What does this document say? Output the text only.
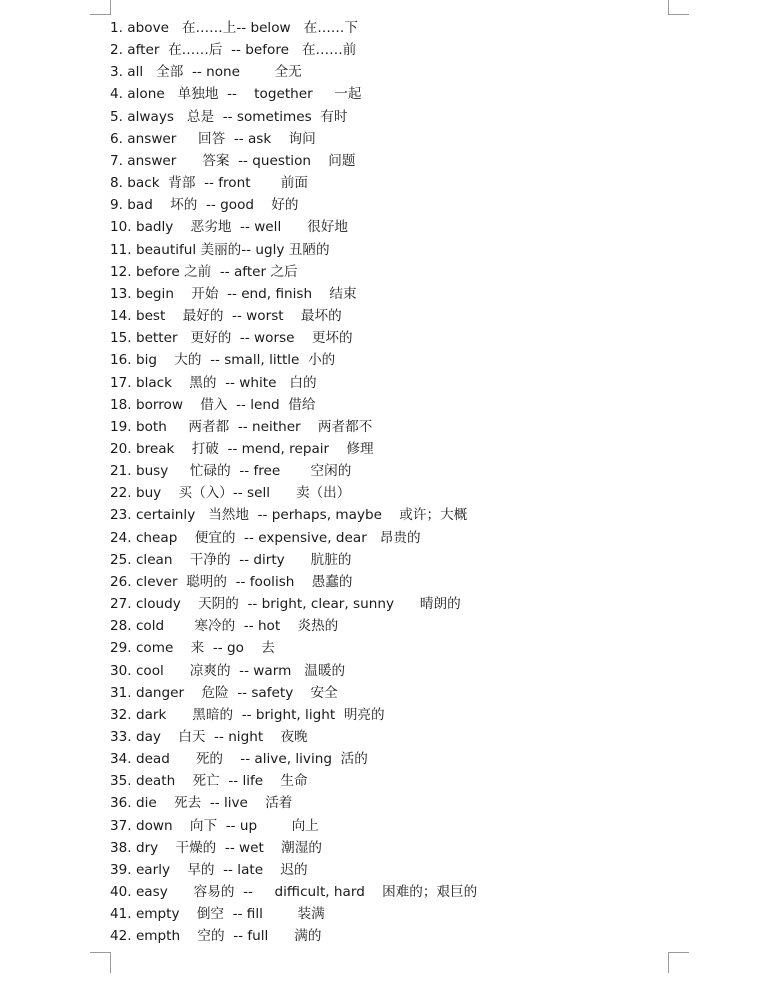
1. above   在……上-- below   在……下
2. after  在……后  -- before   在……前
3. all   全部  -- none        全无
4. alone   单独地  --    together     一起
5. always   总是  -- sometimes  有时
6. answer     回答  -- ask    询问
7. answer      答案  -- question    问题
8. back  背部  -- front       前面
9. bad    坏的  -- good    好的
10. badly    恶劣地  -- well      很好地
11. beautiful 美丽的-- ugly 丑陋的
12. before 之前  -- after 之后
13. begin    开始  -- end, finish    结束
14. best    最好的  -- worst    最坏的
15. better   更好的  -- worse    更坏的
16. big    大的  -- small, little  小的
17. black    黑的  -- white   白的
18. borrow    借入  -- lend  借给
19. both     两者都  -- neither    两者都不
20. break    打破  -- mend, repair    修理
21. busy     忙碌的  -- free       空闲的
22. buy    买（入）-- sell      卖（出）
23. certainly   当然地  -- perhaps, maybe    或许；大概
24. cheap    便宜的  -- expensive, dear   昂贵的
25. clean    干净的  -- dirty      肮脏的
26. clever  聪明的  -- foolish    愚蠢的
27. cloudy    天阴的  -- bright, clear, sunny      晴朗的
28. cold       寒冷的  -- hot    炎热的
29. come    来  -- go    去
30. cool      凉爽的  -- warm   温暖的
31. danger    危险  -- safety    安全
32. dark      黑暗的  -- bright, light  明亮的
33. day    白天  -- night    夜晚
34. dead      死的    -- alive, living  活的
35. death    死亡  -- life    生命
36. die    死去  -- live    活着
37. down    向下  -- up        向上
38. dry    干燥的  -- wet    潮湿的
39. early    早的  -- late    迟的
40. easy      容易的  --     difficult, hard    困难的；艰巨的
41. empty    倒空  -- fill        装满
42. empth    空的  -- full      满的
